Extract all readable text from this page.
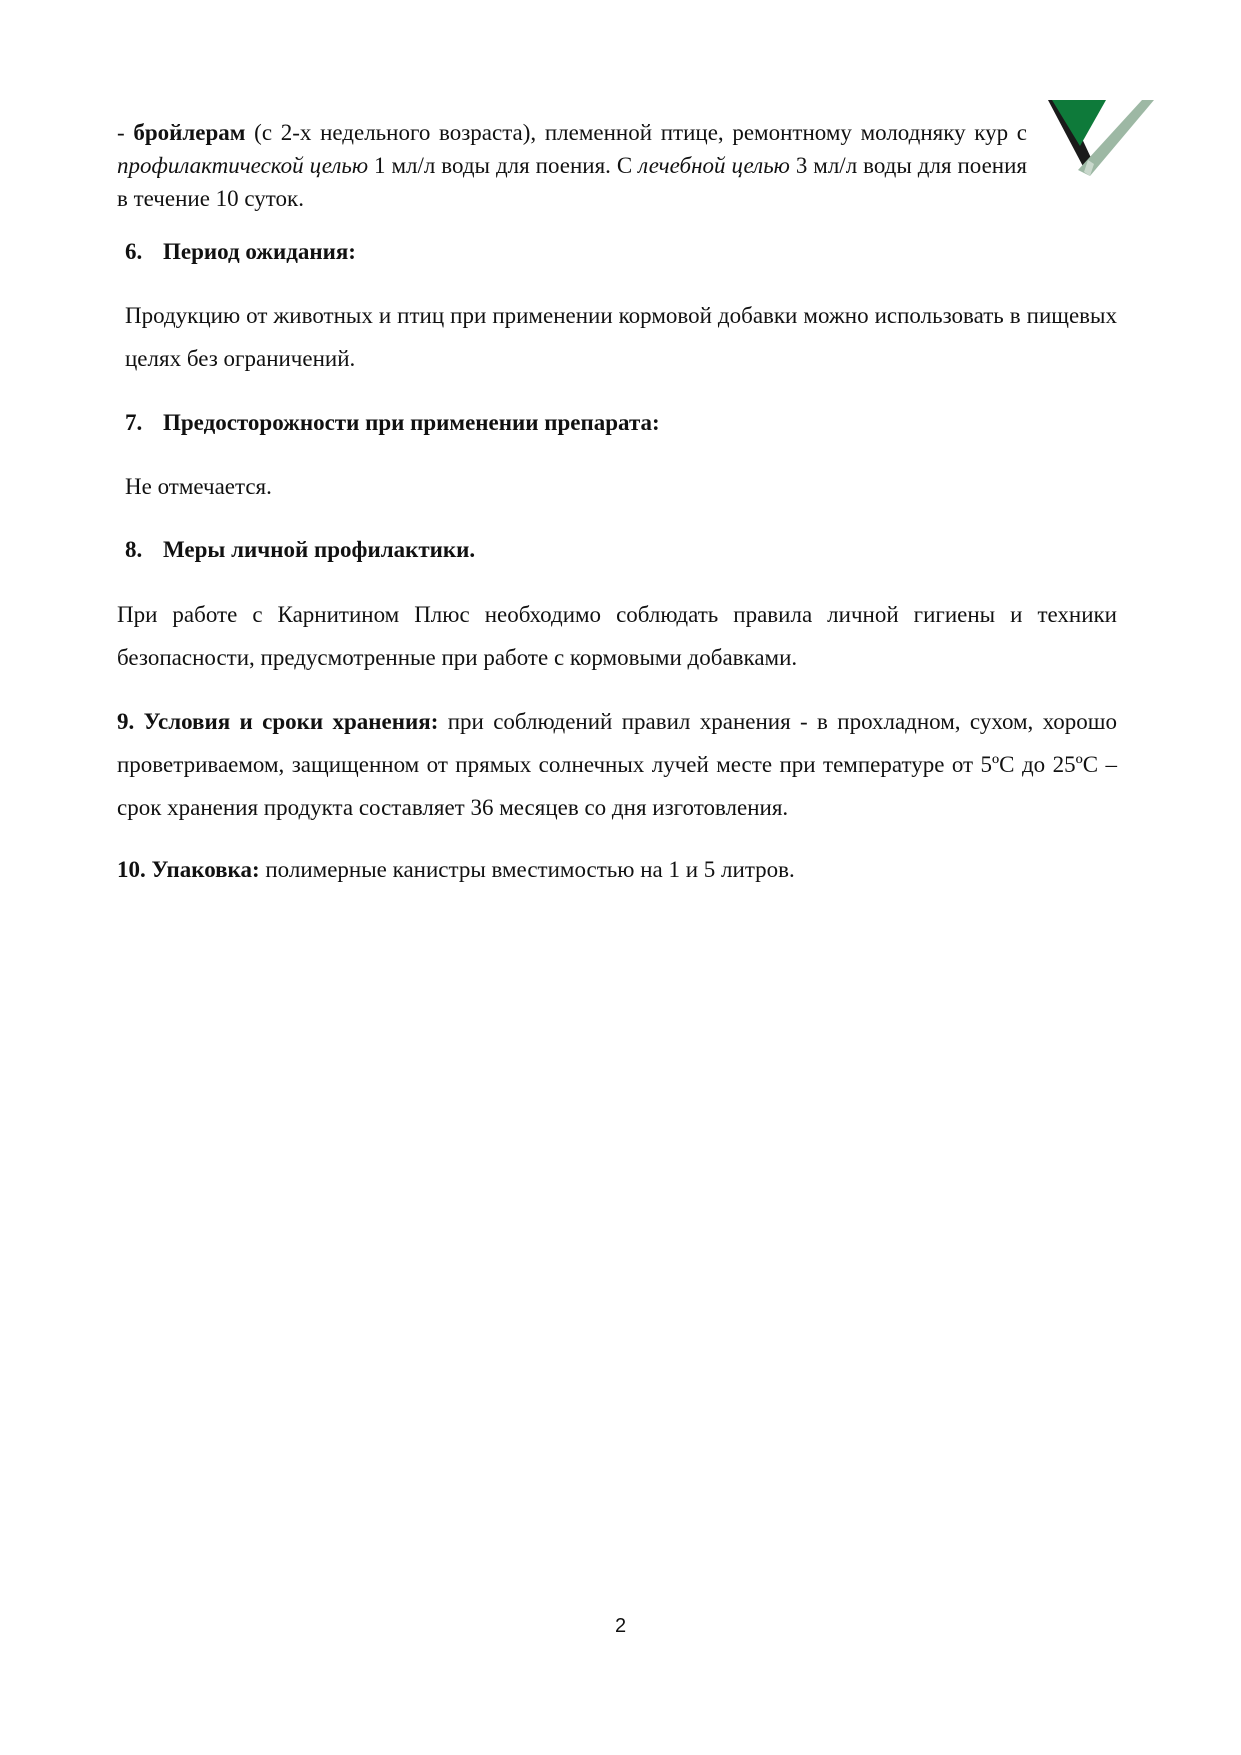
- бройлерам (с 2-х недельного возраста), племенной птице, ремонтному молодняку кур с профилактической целью 1 мл/л воды для поения. С лечебной целью 3 мл/л воды для поения в течение 10 суток.
6. Период ожидания:
Продукцию от животных и птиц при применении кормовой добавки можно использовать в пищевых целях без ограничений.
7. Предосторожности при применении препарата:
Не отмечается.
8. Меры личной профилактики.
При работе с Карнитином Плюс необходимо соблюдать правила личной гигиены и техники безопасности, предусмотренные при работе с кормовыми добавками.
9. Условия и сроки хранения: при соблюдений правил хранения - в прохладном, сухом, хорошо проветриваемом, защищенном от прямых солнечных лучей месте при температуре от 5ºС до 25ºС – срок хранения продукта составляет 36 месяцев со дня изготовления.
10. Упаковка: полимерные канистры вместимостью на 1 и 5 литров.
2
